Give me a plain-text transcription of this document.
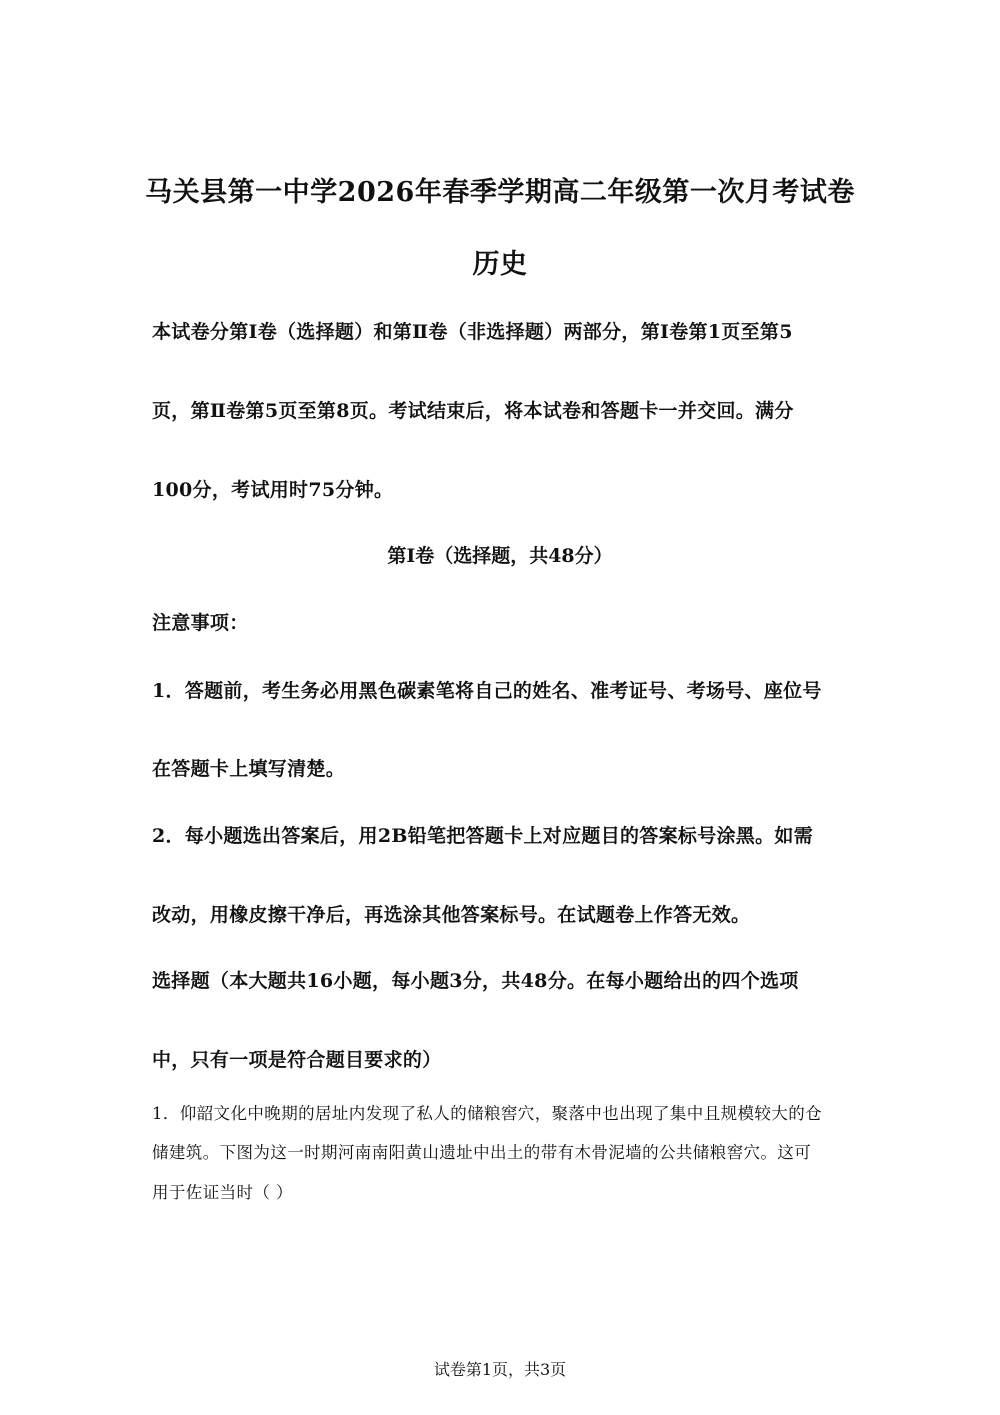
马关县第一中学2026年春季学期高二年级第一次月考试卷
历史
本试卷分第Ⅰ卷（选择题）和第Ⅱ卷（非选择题）两部分，第Ⅰ卷第1页至第5
页，第Ⅱ卷第5页至第8页。考试结束后，将本试卷和答题卡一并交回。满分
100分，考试用时75分钟。
第Ⅰ卷（选择题，共48分）
注意事项：
1．答题前，考生务必用黑色碳素笔将自己的姓名、准考证号、考场号、座位号
在答题卡上填写清楚。
2．每小题选出答案后，用2B铅笔把答题卡上对应题目的答案标号涂黑。如需
改动，用橡皮擦干净后，再选涂其他答案标号。在试题卷上作答无效。
选择题（本大题共16小题，每小题3分，共48分。在每小题给出的四个选项
中，只有一项是符合题目要求的）
1．仰韶文化中晚期的居址内发现了私人的储粮窖穴，聚落中也出现了集中且规模较大的仓
储建筑。下图为这一时期河南南阳黄山遗址中出土的带有木骨泥墙的公共储粮窖穴。这可
用于佐证当时（ ）
试卷第1页，共3页
